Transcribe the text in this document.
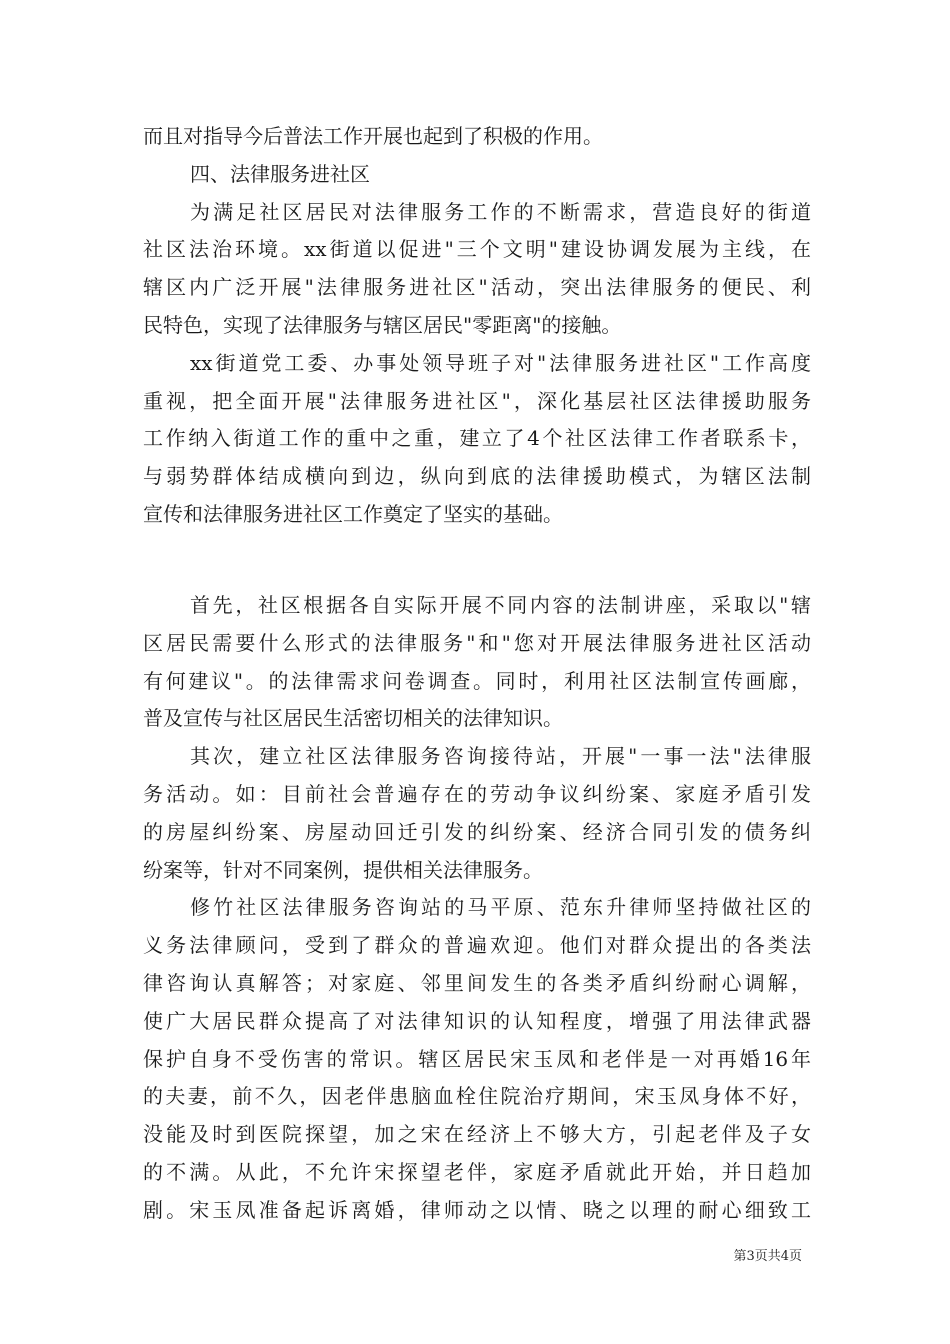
而且对指导今后普法工作开展也起到了积极的作用。
四、法律服务进社区
为满足社区居民对法律服务工作的不断需求，营造良好的街道
社区法治环境。xx街道以促进"三个文明"建设协调发展为主线，在
辖区内广泛开展"法律服务进社区"活动，突出法律服务的便民、利
民特色，实现了法律服务与辖区居民"零距离"的接触。
xx街道党工委、办事处领导班子对"法律服务进社区"工作高度
重视，把全面开展"法律服务进社区"，深化基层社区法律援助服务
工作纳入街道工作的重中之重，建立了4个社区法律工作者联系卡，
与弱势群体结成横向到边，纵向到底的法律援助模式，为辖区法制
宣传和法律服务进社区工作奠定了坚实的基础。
首先，社区根据各自实际开展不同内容的法制讲座，采取以"辖
区居民需要什么形式的法律服务"和"您对开展法律服务进社区活动
有何建议"。的法律需求问卷调查。同时，利用社区法制宣传画廊，
普及宣传与社区居民生活密切相关的法律知识。
其次，建立社区法律服务咨询接待站，开展"一事一法"法律服
务活动。如：目前社会普遍存在的劳动争议纠纷案、家庭矛盾引发
的房屋纠纷案、房屋动回迁引发的纠纷案、经济合同引发的债务纠
纷案等，针对不同案例，提供相关法律服务。
修竹社区法律服务咨询站的马平原、范东升律师坚持做社区的
义务法律顾问，受到了群众的普遍欢迎。他们对群众提出的各类法
律咨询认真解答；对家庭、邻里间发生的各类矛盾纠纷耐心调解，
使广大居民群众提高了对法律知识的认知程度，增强了用法律武器
保护自身不受伤害的常识。辖区居民宋玉凤和老伴是一对再婚16年
的夫妻，前不久，因老伴患脑血栓住院治疗期间，宋玉凤身体不好，
没能及时到医院探望，加之宋在经济上不够大方，引起老伴及子女
的不满。从此，不允许宋探望老伴，家庭矛盾就此开始，并日趋加
剧。宋玉凤准备起诉离婚，律师动之以情、晓之以理的耐心细致工
第3页共4页
